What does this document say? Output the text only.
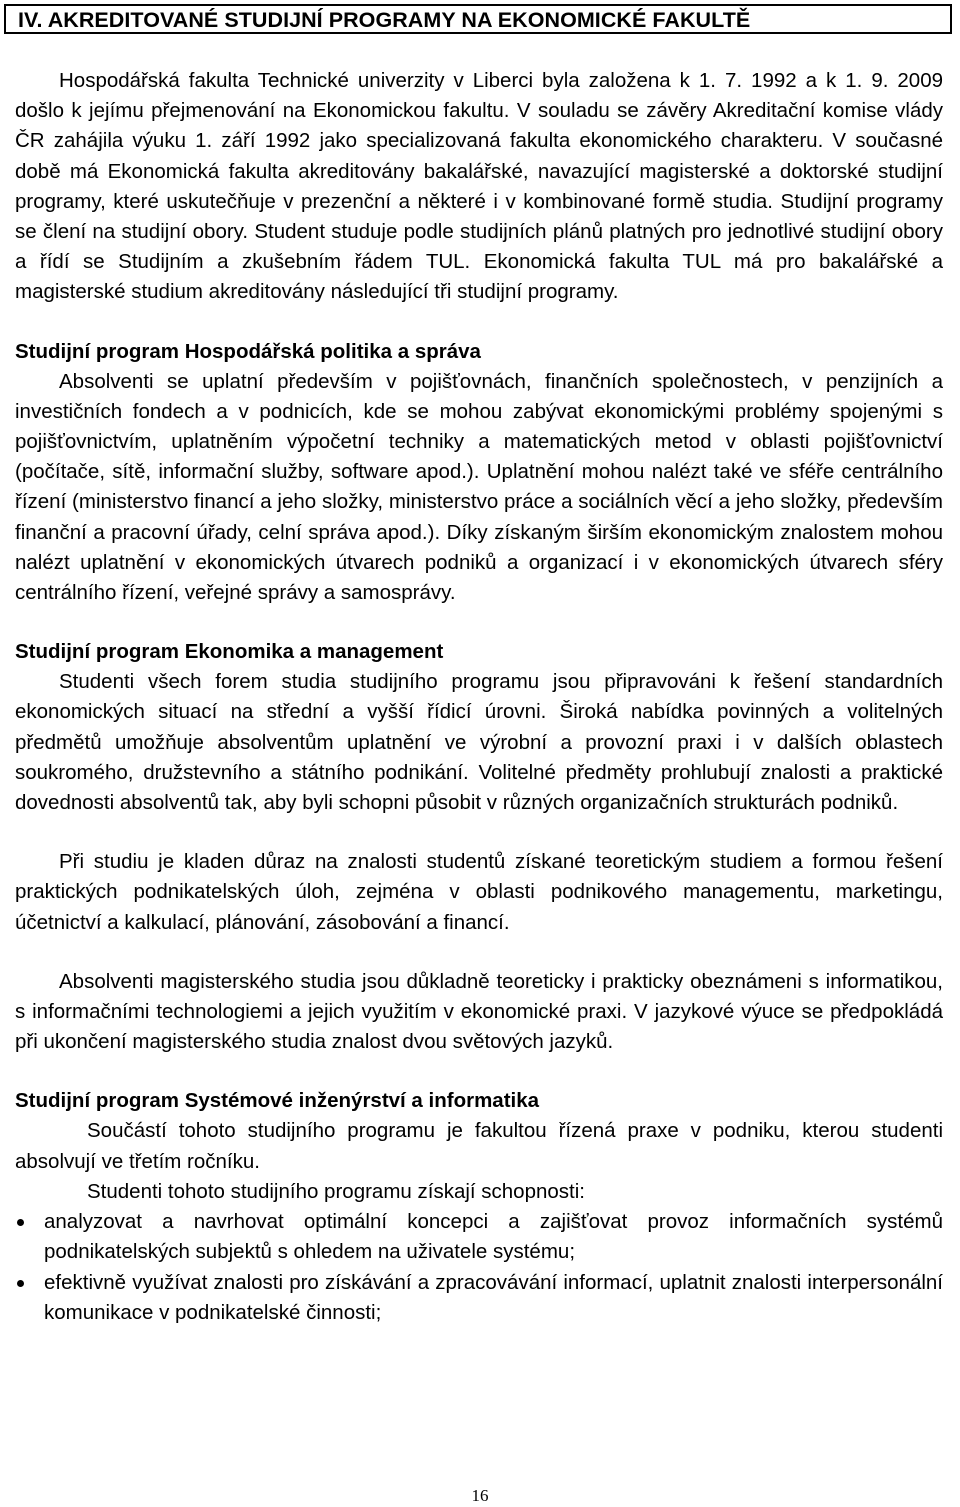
IV. AKREDITOVANÉ STUDIJNÍ PROGRAMY NA EKONOMICKÉ FAKULTĚ

Hospodářská fakulta Technické univerzity v Liberci byla založena k 1. 7. 1992 a k 1. 9. 2009 došlo k jejímu přejmenování na Ekonomickou fakultu. V souladu se závěry Akreditační komise vlády ČR zahájila výuku 1. září 1992 jako specializovaná fakulta ekonomického charakteru. V současné době má Ekonomická fakulta akreditovány bakalářské, navazující magisterské a doktorské studijní programy, které uskutečňuje v prezenční a některé i v kombinované formě studia. Studijní programy se člení na studijní obory. Student studuje podle studijních plánů platných pro jednotlivé studijní obory a řídí se Studijním a zkušebním řádem TUL. Ekonomická fakulta TUL má pro bakalářské a magisterské studium akreditovány následující tři studijní programy.

Studijní program Hospodářská politika a správa

Absolventi se uplatní především v pojišťovnách, finančních společnostech, v penzijních a investičních fondech a v podnicích, kde se mohou zabývat ekonomickými problémy spojenými s pojišťovnictvím, uplatněním výpočetní techniky a matematických metod v oblasti pojišťovnictví (počítače, sítě, informační služby, software apod.). Uplatnění mohou nalézt také ve sféře centrálního řízení (ministerstvo financí a jeho složky, ministerstvo práce a sociálních věcí a jeho složky, především finanční a pracovní úřady, celní správa apod.). Díky získaným širším ekonomickým znalostem mohou nalézt uplatnění v ekonomických útvarech podniků a organizací i v ekonomických útvarech sféry centrálního řízení, veřejné správy a samosprávy.

Studijní program Ekonomika a management

Studenti všech forem studia studijního programu jsou připravováni k řešení standardních ekonomických situací na střední a vyšší řídicí úrovni. Široká nabídka povinných a volitelných předmětů umožňuje absolventům uplatnění ve výrobní a provozní praxi i v dalších oblastech soukromého, družstevního a státního podnikání. Volitelné předměty prohlubují znalosti a praktické dovednosti absolventů tak, aby byli schopni působit v různých organizačních strukturách podniků.

Při studiu je kladen důraz na znalosti studentů získané teoretickým studiem a formou řešení praktických podnikatelských úloh, zejména v oblasti podnikového managementu, marketingu, účetnictví a kalkulací, plánování, zásobování a financí.

Absolventi magisterského studia jsou důkladně teoreticky i prakticky obeznámeni s informatikou, s informačními technologiemi a jejich využitím v ekonomické praxi. V jazykové výuce se předpokládá při ukončení magisterského studia znalost dvou světových jazyků.

Studijní program Systémové inženýrství a informatika

Součástí tohoto studijního programu je fakultou řízená praxe v podniku, kterou studenti absolvují ve třetím ročníku.

Studenti tohoto studijního programu získají schopnosti:

analyzovat a navrhovat optimální koncepci a zajišťovat provoz informačních systémů podnikatelských subjektů s ohledem na uživatele systému;
efektivně využívat znalosti pro získávání a zpracovávání informací, uplatnit znalosti interpersonální komunikace v podnikatelské činnosti;
16
